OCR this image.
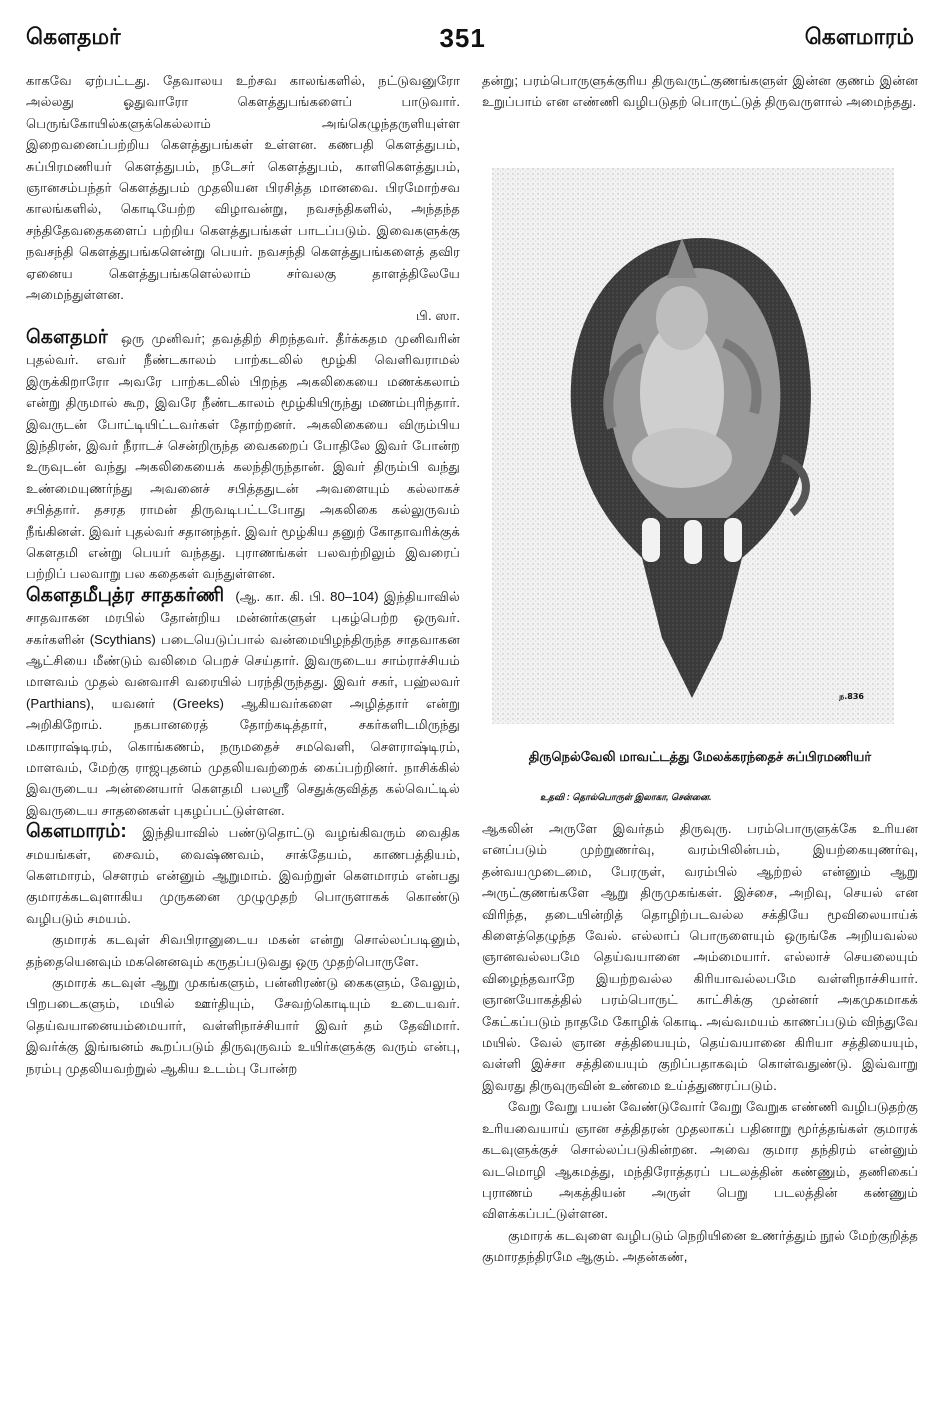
கௌதமர்	351	கௌமாரம்

காகவே ஏற்பட்டது. தேவாலய உற்சவ காலங்களில், நட்டுவனுரோ அல்லது ஓதுவாரோ கௌத்துபங்களைப் பாடுவார். பெருங்கோயில்களுக்கெல்லாம் அங்கெழுந்தருளியுள்ள இறைவனைப்பற்றிய கௌத்துபங்கள் உள்ளன. கணபதி கௌத்துபம், சுப்பிரமணியர் கௌத்துபம், நடேசர் கௌத்துபம், காளிகௌத்துபம், ஞானசம்பந்தர் கௌத்துபம் முதலியன பிரசித்த மானவை. பிரமோற்சவ காலங்களில், கொடியேற்ற விழாவன்று, நவசந்திகளில், அந்தந்த சந்திதேவதைகளைப் பற்றிய கௌத்துபங்கள் பாடப்படும். இவைகளுக்கு நவசந்தி கௌத்துபங்களென்று பெயர். நவசந்தி கௌத்துபங்களைத் தவிர ஏனைய கௌத்துபங்களெல்லாம் சர்வலகு தாளத்திலேயே அமைந்துள்ளன.

பி. ஸா.

கௌதமர் ஒரு முனிவர்; தவத்திற் சிறந்தவர். தீர்க்கதம முனிவரின் புதல்வர். எவர் நீண்டகாலம் பாற்கடலில் மூழ்கி வெளிவராமல் இருக்கிறாரோ அவரே பாற்கடலில் பிறந்த அகலிகையை மணக்கலாம் என்று திருமால் கூற, இவரே நீண்டகாலம் மூழ்கியிருந்து மணம்புரிந்தார். இவருடன் போட்டியிட்டவர்கள் தோற்றனர். அகலிகையை விரும்பிய இந்திரன், இவர் நீராடச் சென்றிருந்த வைகறைப் போதிலே இவர் போன்ற உருவுடன் வந்து அகலிகையைக் கலந்திருந்தான். இவர் திரும்பி வந்து உண்மையுணர்ந்து அவனைச் சபித்ததுடன் அவளையும் கல்லாகச் சபித்தார். தசரத ராமன் திருவடிபட்டபோது அகலிகை கல்லுருவம் நீங்கினள். இவர் புதல்வர் சதானந்தர். இவர் மூழ்கிய தனுற் கோதாவரிக்குக் கௌதமி என்று பெயர் வந்தது. புராணங்கள் பலவற்றிலும் இவரைப் பற்றிப் பலவாறு பல கதைகள் வந்துள்ளன.

கௌதமீபுத்ர சாதகர்ணி (ஆ. கா. கி. பி. 80–104) இந்தியாவில் சாதவாகன மரபில் தோன்றிய மன்னர்களுள் புகழ்பெற்ற ஒருவர். சகர்களின் (Scythians) படையெடுப்பால் வன்மையிழந்திருந்த சாதவாகன ஆட்சியை மீண்டும் வலிமை பெறச் செய்தார். இவருடைய சாம்ராச்சியம் மாளவம் முதல் வனவாசி வரையில் பரந்திருந்தது. இவர் சகர், பஹ்லவர் (Parthians), யவனர் (Greeks) ஆகியவர்களை அழித்தார் என்று அறிகிறோம். நகபானரைத் தோற்கடித்தார், சகர்களிடமிருந்து மகாராஷ்டிரம், கொங்கணம், நருமதைச் சமவெளி, சௌராஷ்டிரம், மாளவம், மேற்கு ராஜபுதனம் முதலியவற்றைக் கைப்பற்றினர். நாசிக்கில் இவருடைய அன்னையார் கௌதமி பலஸ்ரீ செதுக்குவித்த கல்வெட்டில் இவருடைய சாதனைகள் புகழப்பட்டுள்ளன.

கௌமாரம்: இந்தியாவில் பண்டுதொட்டு வழங்கிவரும் வைதிக சமயங்கள், சைவம், வைஷ்ணவம், சாக்தேயம், காணபத்தியம், கௌமாரம், சௌரம் என்னும் ஆறுமாம். இவற்றுள் கௌமாரம் என்பது குமாரக்கடவுளாகிய முருகனை முழுமுதற் பொருளாகக் கொண்டு வழிபடும் சமயம்.

குமாரக் கடவுள் சிவபிரானுடைய மகன் என்று சொல்லப்படினும், தந்தையெனவும் மகனெனவும் கருதப்படுவது ஒரு முதற்பொருளே.

குமாரக் கடவுள் ஆறு முகங்களும், பன்னிரண்டு கைகளும், வேலும், பிறபடைகளும், மயில் ஊர்தியும், சேவற்கொடியும் உடையவர். தெய்வயானையம்மையார், வள்ளிநாச்சியார் இவர் தம் தேவிமார். இவர்க்கு இங்ஙனம் கூறப்படும் திருவுருவம் உயிர்களுக்கு வரும் என்பு, நரம்பு முதலியவற்றுல் ஆகிய உடம்பு போன்ற

தன்று; பரம்பொருளுக்குரிய திருவருட்குணங்களுள் இன்ன குணம் இன்ன உறுப்பாம் என எண்ணி வழிபடுதற் பொருட்டுத் திருவருளால் அமைந்தது.

ந.836
திருநெல்வேலி மாவட்டத்து மேலக்கரந்தைச் சுப்பிரமணியர்
உதவி : தொல்பொருள் இலாகா, சென்னை.

ஆகலின் அருளே இவர்தம் திருவுரு. பரம்பொருளுக்கே உரியன எனப்படும் முற்றுணர்வு, வரம்பிலின்பம், இயற்கையுணர்வு, தன்வயமுடைமை, பேரருள், வரம்பில் ஆற்றல் என்னும் ஆறு அருட்குணங்களே ஆறு திருமுகங்கள். இச்சை, அறிவு, செயல் என விரிந்த, தடையின்றித் தொழிற்படவல்ல சக்தியே மூவிலையாய்க் கிளைத்தெழுந்த வேல். எல்லாப் பொருளையும் ஒருங்கே அறியவல்ல ஞானவல்லபமே தெய்வயானை அம்மையார். எல்லாச் செயலையும் விழைந்தவாறே இயற்றவல்ல கிரியாவல்லபமே வள்ளிநாச்சியார். ஞானயோகத்தில் பரம்பொருட் காட்சிக்கு முன்னர் அகமுகமாகக் கேட்கப்படும் நாதமே கோழிக் கொடி. அவ்வமயம் காணப்படும் விந்துவே மயில். வேல் ஞான சத்தியையும், தெய்வயானை கிரியா சத்தியையும், வள்ளி இச்சா சத்தியையும் குறிப்பதாகவும் கொள்வதுண்டு. இவ்வாறு இவரது திருவுருவின் உண்மை உய்த்துணரப்படும்.

வேறு வேறு பயன் வேண்டுவோர் வேறு வேறுக எண்ணி வழிபடுதற்கு உரியவையாய் ஞான சத்திதரன் முதலாகப் பதினாறு மூர்த்தங்கள் குமாரக் கடவுளுக்குச் சொல்லப்படுகின்றன. அவை குமார தந்திரம் என்னும் வடமொழி ஆகமத்து, மந்திரோத்தரப் படலத்தின் கண்ணும், தணிகைப் புராணம் அகத்தியன் அருள் பெறு படலத்தின் கண்ணும் விளக்கப்பட்டுள்ளன.

குமாரக் கடவுளை வழிபடும் நெறியினை உணர்த்தும் நூல் மேற்குறித்த குமாரதந்திரமே ஆகும். அதன்கண்,
